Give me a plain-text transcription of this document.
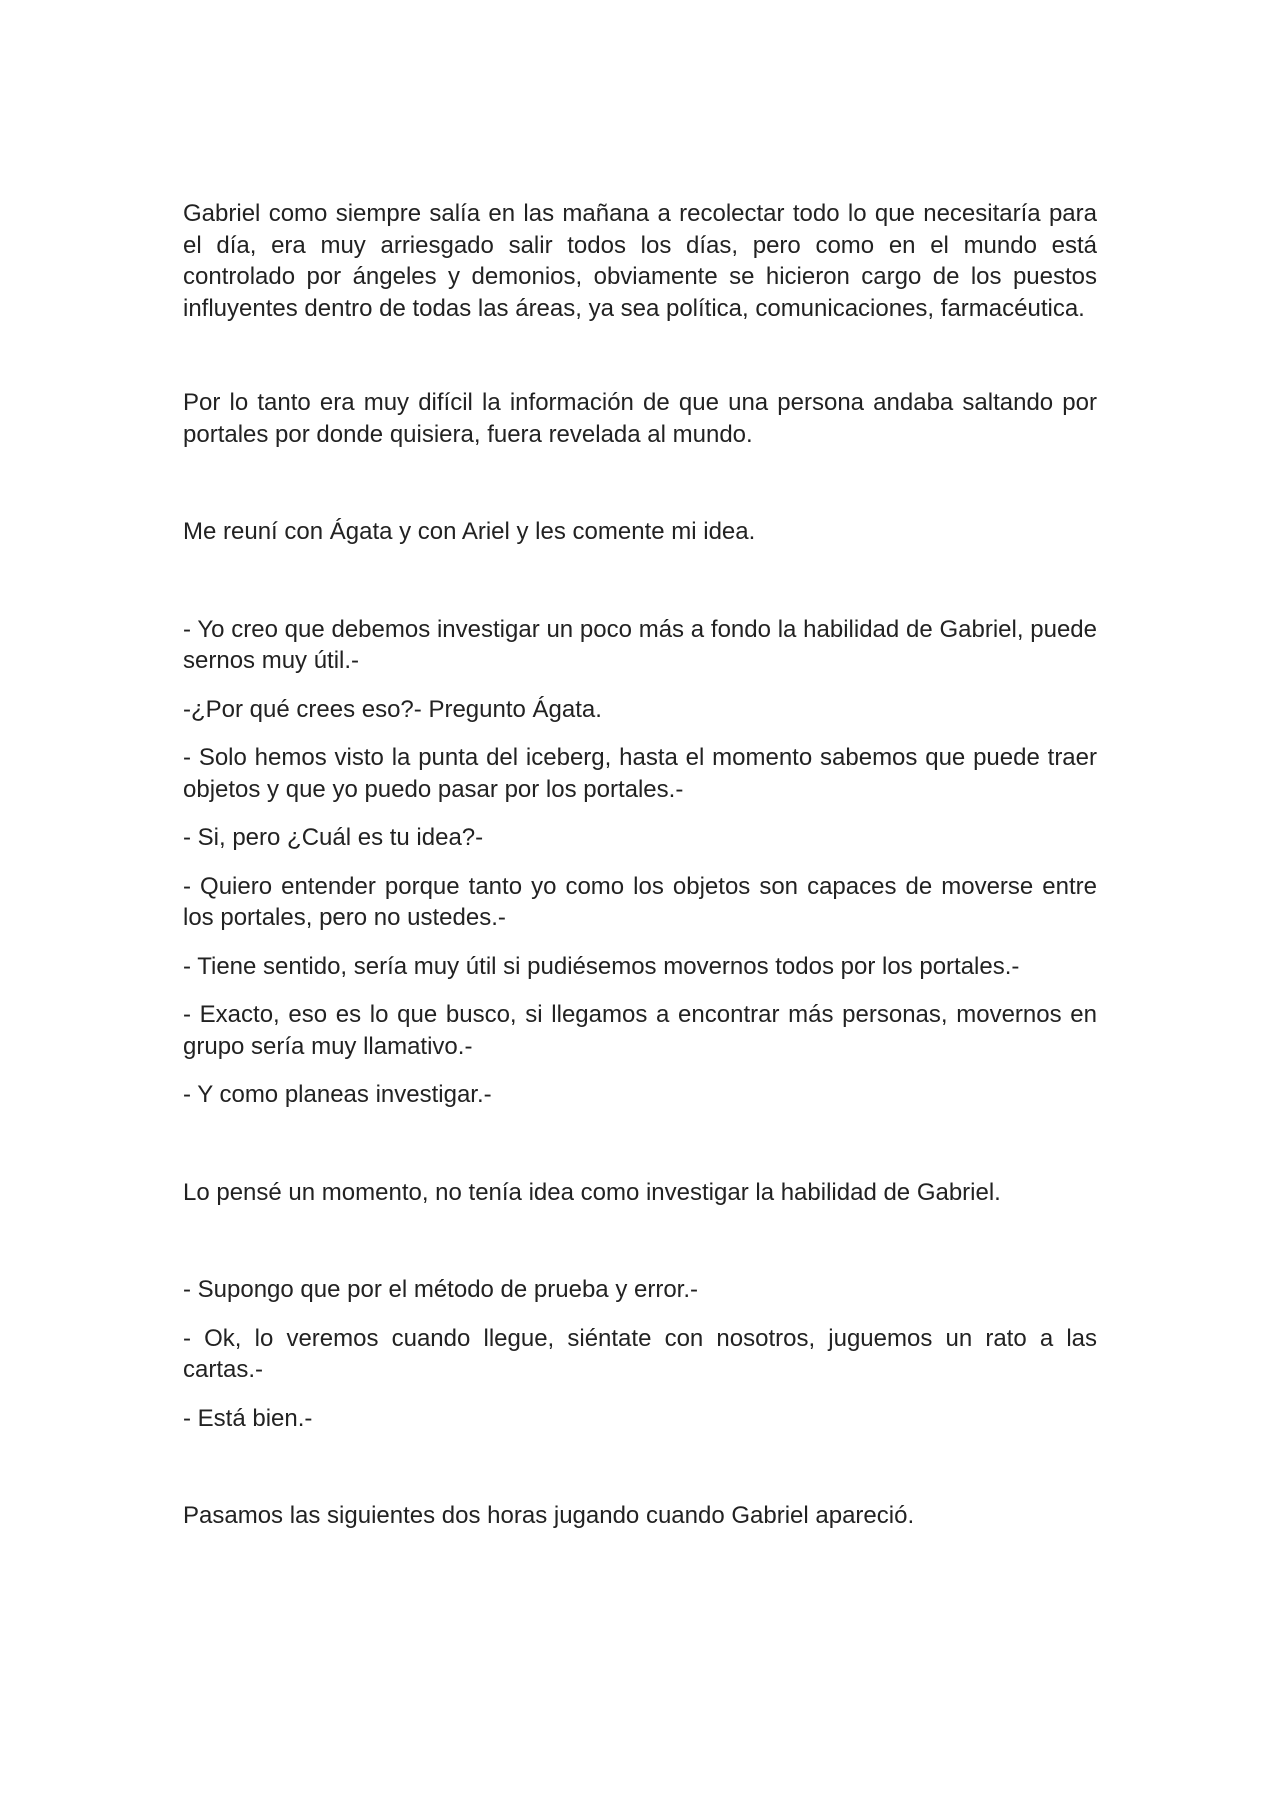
Gabriel como siempre salía en las mañana a recolectar todo lo que necesitaría para el día, era muy arriesgado salir todos los días, pero como en el mundo está controlado por ángeles y demonios, obviamente se hicieron cargo de los puestos influyentes dentro de todas las áreas, ya sea política, comunicaciones, farmacéutica.

Por lo tanto era muy difícil la información de que una persona andaba saltando por portales por donde quisiera, fuera revelada al mundo.

Me reuní con Ágata y con Ariel y les comente mi idea.

- Yo creo que debemos investigar un poco más a fondo la habilidad de Gabriel, puede sernos muy útil.-

-¿Por qué crees eso?- Pregunto Ágata.

- Solo hemos visto la punta del iceberg, hasta el momento sabemos que puede traer objetos y que yo puedo pasar por los portales.-

- Si, pero ¿Cuál es tu idea?-

- Quiero entender porque tanto yo como los objetos son capaces de moverse entre los portales, pero no ustedes.-

- Tiene sentido, sería muy útil si pudiésemos movernos todos por los portales.-

- Exacto, eso es lo que busco, si llegamos a encontrar más personas, movernos en grupo sería muy llamativo.-

- Y como planeas investigar.-

Lo pensé un momento, no tenía idea como investigar la habilidad de Gabriel.

- Supongo que por el método de prueba y error.-

- Ok, lo veremos cuando llegue, siéntate con nosotros, juguemos un rato a las cartas.-

- Está bien.-

Pasamos las siguientes dos horas jugando cuando Gabriel apareció.
